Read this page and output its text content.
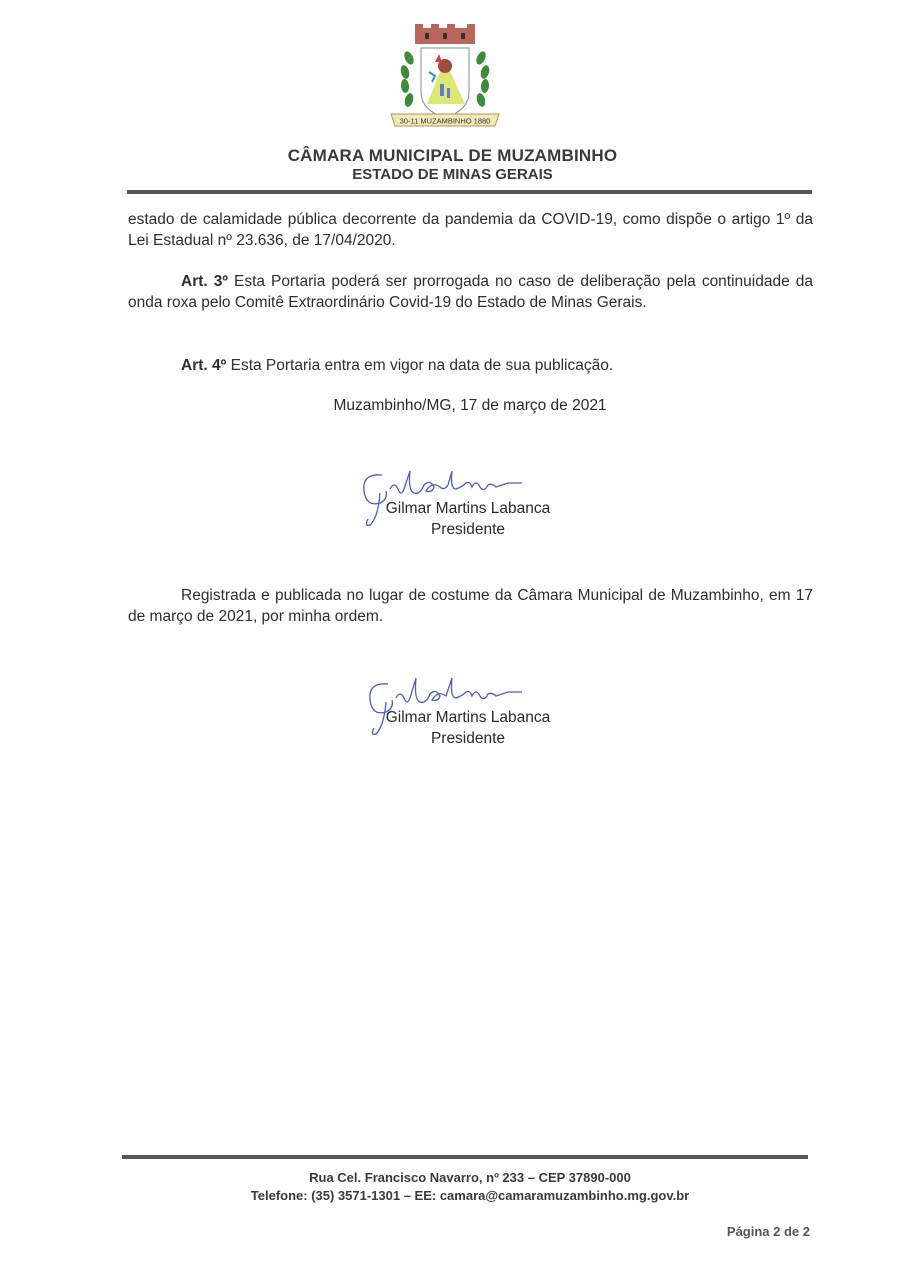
30-11 MUZAMBINHO 1880
CÂMARA MUNICIPAL DE MUZAMBINHO
ESTADO DE MINAS GERAIS
estado de calamidade pública decorrente da pandemia da COVID-19, como dispõe o artigo 1º da Lei Estadual nº 23.636, de 17/04/2020.
Art. 3º Esta Portaria poderá ser prorrogada no caso de deliberação pela continuidade da onda roxa pelo Comitê Extraordinário Covid-19 do Estado de Minas Gerais.
Art. 4º Esta Portaria entra em vigor na data de sua publicação.
Muzambinho/MG, 17 de março de 2021
Gilmar Martins Labanca
Presidente
Registrada e publicada no lugar de costume da Câmara Municipal de Muzambinho, em 17 de março de 2021, por minha ordem.
Gilmar Martins Labanca
Presidente
Rua Cel. Francisco Navarro, nº 233 – CEP 37890-000
Telefone: (35) 3571-1301 – EE: camara@camaramuzambinho.mg.gov.br
Página 2 de 2
